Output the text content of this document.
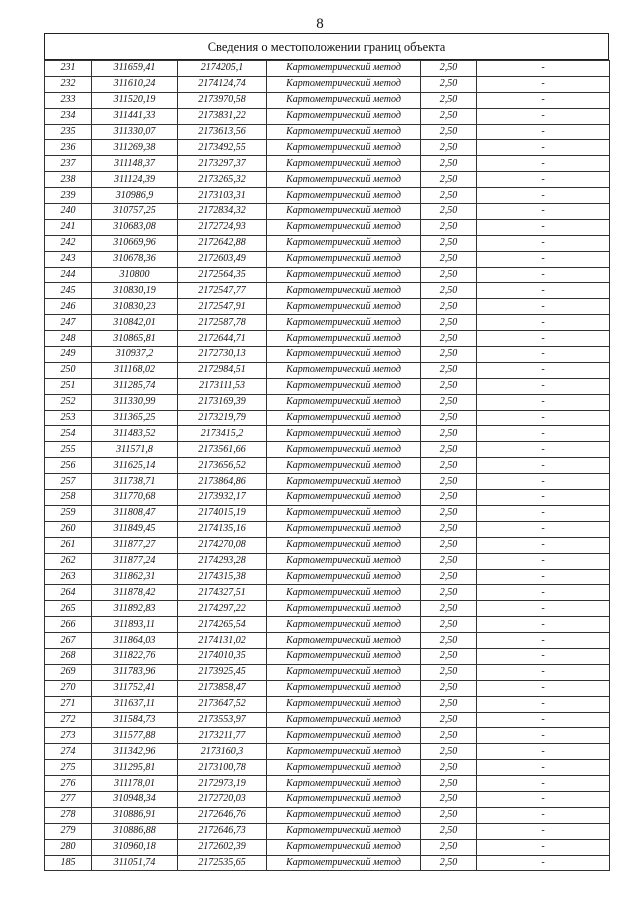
8
Сведения о местоположении границ объекта
231	311659,41	2174205,1	Картометрический метод	2,50	-
232	311610,24	2174124,74	Картометрический метод	2,50	-
233	311520,19	2173970,58	Картометрический метод	2,50	-
234	311441,33	2173831,22	Картометрический метод	2,50	-
235	311330,07	2173613,56	Картометрический метод	2,50	-
236	311269,38	2173492,55	Картометрический метод	2,50	-
237	311148,37	2173297,37	Картометрический метод	2,50	-
238	311124,39	2173265,32	Картометрический метод	2,50	-
239	310986,9	2173103,31	Картометрический метод	2,50	-
240	310757,25	2172834,32	Картометрический метод	2,50	-
241	310683,08	2172724,93	Картометрический метод	2,50	-
242	310669,96	2172642,88	Картометрический метод	2,50	-
243	310678,36	2172603,49	Картометрический метод	2,50	-
244	310800	2172564,35	Картометрический метод	2,50	-
245	310830,19	2172547,77	Картометрический метод	2,50	-
246	310830,23	2172547,91	Картометрический метод	2,50	-
247	310842,01	2172587,78	Картометрический метод	2,50	-
248	310865,81	2172644,71	Картометрический метод	2,50	-
249	310937,2	2172730,13	Картометрический метод	2,50	-
250	311168,02	2172984,51	Картометрический метод	2,50	-
251	311285,74	2173111,53	Картометрический метод	2,50	-
252	311330,99	2173169,39	Картометрический метод	2,50	-
253	311365,25	2173219,79	Картометрический метод	2,50	-
254	311483,52	2173415,2	Картометрический метод	2,50	-
255	311571,8	2173561,66	Картометрический метод	2,50	-
256	311625,14	2173656,52	Картометрический метод	2,50	-
257	311738,71	2173864,86	Картометрический метод	2,50	-
258	311770,68	2173932,17	Картометрический метод	2,50	-
259	311808,47	2174015,19	Картометрический метод	2,50	-
260	311849,45	2174135,16	Картометрический метод	2,50	-
261	311877,27	2174270,08	Картометрический метод	2,50	-
262	311877,24	2174293,28	Картометрический метод	2,50	-
263	311862,31	2174315,38	Картометрический метод	2,50	-
264	311878,42	2174327,51	Картометрический метод	2,50	-
265	311892,83	2174297,22	Картометрический метод	2,50	-
266	311893,11	2174265,54	Картометрический метод	2,50	-
267	311864,03	2174131,02	Картометрический метод	2,50	-
268	311822,76	2174010,35	Картометрический метод	2,50	-
269	311783,96	2173925,45	Картометрический метод	2,50	-
270	311752,41	2173858,47	Картометрический метод	2,50	-
271	311637,11	2173647,52	Картометрический метод	2,50	-
272	311584,73	2173553,97	Картометрический метод	2,50	-
273	311577,88	2173211,77	Картометрический метод	2,50	-
274	311342,96	2173160,3	Картометрический метод	2,50	-
275	311295,81	2173100,78	Картометрический метод	2,50	-
276	311178,01	2172973,19	Картометрический метод	2,50	-
277	310948,34	2172720,03	Картометрический метод	2,50	-
278	310886,91	2172646,76	Картометрический метод	2,50	-
279	310886,88	2172646,73	Картометрический метод	2,50	-
280	310960,18	2172602,39	Картометрический метод	2,50	-
185	311051,74	2172535,65	Картометрический метод	2,50	-
